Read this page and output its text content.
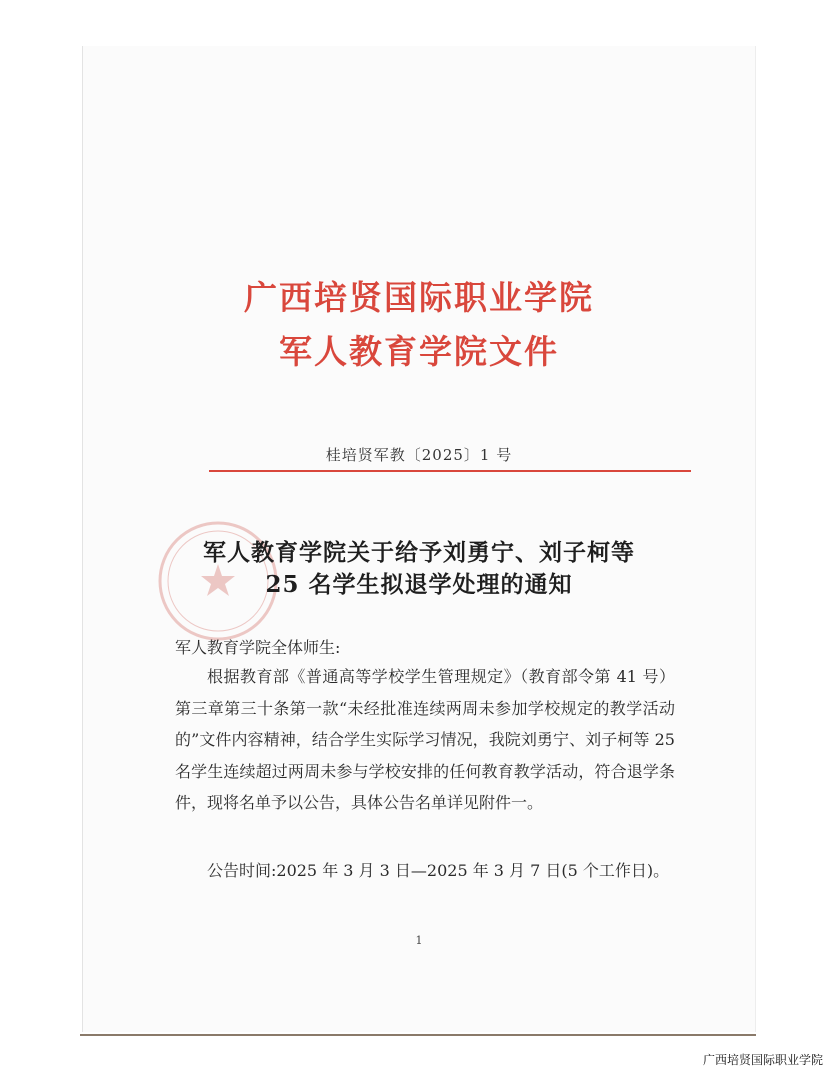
广西培贤国际职业学院
军人教育学院文件
桂培贤军教〔2025〕1 号
军人教育学院关于给予刘勇宁、刘子柯等
25 名学生拟退学处理的通知
军人教育学院全体师生:
根据教育部《普通高等学校学生管理规定》（教育部令第 41 号）第三章第三十条第一款“未经批准连续两周未参加学校规定的教学活动的”文件内容精神，结合学生实际学习情况，我院刘勇宁、刘子柯等 25 名学生连续超过两周未参与学校安排的任何教育教学活动，符合退学条件，现将名单予以公告，具体公告名单详见附件一。
公告时间:2025 年 3 月 3 日—2025 年 3 月 7 日(5 个工作日)。
1
广西培贤国际职业学院
